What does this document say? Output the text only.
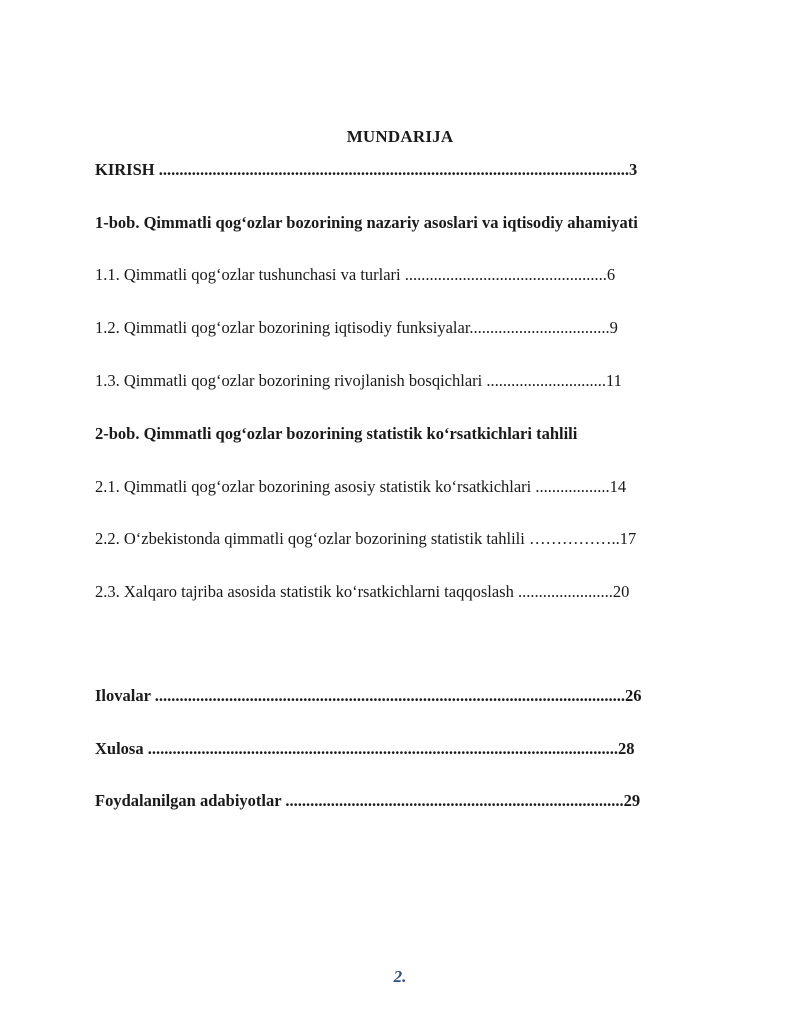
MUNDARIJA
KIRISH ..................................................................................................................3
1-bob. Qimmatli qog‘ozlar bozorining nazariy asoslari va iqtisodiy ahamiyati
1.1. Qimmatli qog‘ozlar tushunchasi va turlari .................................................6
1.2. Qimmatli qog‘ozlar bozorining iqtisodiy funksiyalar..................................9
1.3. Qimmatli qog‘ozlar bozorining rivojlanish bosqichlari .............................11
2-bob. Qimmatli qog‘ozlar bozorining statistik ko‘rsatkichlari tahlili
2.1. Qimmatli qog‘ozlar bozorining asosiy statistik ko‘rsatkichlari ..................14
2.2. O‘zbekistonda qimmatli qog‘ozlar bozorining statistik tahlili ……………..17
2.3. Xalqaro tajriba asosida statistik ko‘rsatkichlarni taqqoslash .......................20
Ilovalar ..................................................................................................................26
Xulosa ..................................................................................................................28
Foydalanilgan adabiyotlar ..................................................................................29
2.
